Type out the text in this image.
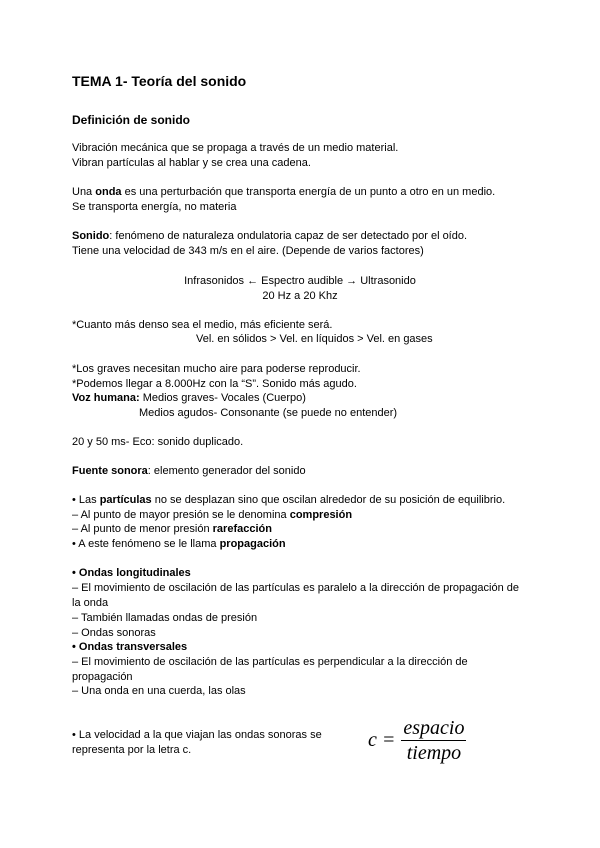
TEMA 1- Teoría del sonido
Definición de sonido
Vibración mecánica que se propaga a través de un medio material.
Vibran partículas al hablar y se crea una cadena.
Una onda es una perturbación que transporta energía de un punto a otro en un medio.
Se transporta energía, no materia
Sonido: fenómeno de naturaleza ondulatoria capaz de ser detectado por el oído.
Tiene una velocidad de 343 m/s en el aire. (Depende de varios factores)
Infrasonidos ← Espectro audible → Ultrasonido
20 Hz a 20 Khz
*Cuanto más denso sea el medio, más eficiente será.
Vel. en sólidos > Vel. en líquidos > Vel. en gases
*Los graves necesitan mucho aire para poderse reproducir.
*Podemos llegar a 8.000Hz con la “S”. Sonido más agudo.
Voz humana: Medios graves- Vocales (Cuerpo)
Medios agudos- Consonante (se puede no entender)
20 y 50 ms- Eco: sonido duplicado.
Fuente sonora: elemento generador del sonido
• Las partículas no se desplazan sino que oscilan alrededor de su posición de equilibrio.
– Al punto de mayor presión se le denomina compresión
– Al punto de menor presión rarefacción
• A este fenómeno se le llama propagación
• Ondas longitudinales
– El movimiento de oscilación de las partículas es paralelo a la dirección de propagación de
la onda
– También llamadas ondas de presión
– Ondas sonoras
• Ondas transversales
– El movimiento de oscilación de las partículas es perpendicular a la dirección de
propagación
– Una onda en una cuerda, las olas
• La velocidad a la que viajan las ondas sonoras se
representa por la letra c.	$c = \frac{\text{espacio}}{\text{tiempo}}$
